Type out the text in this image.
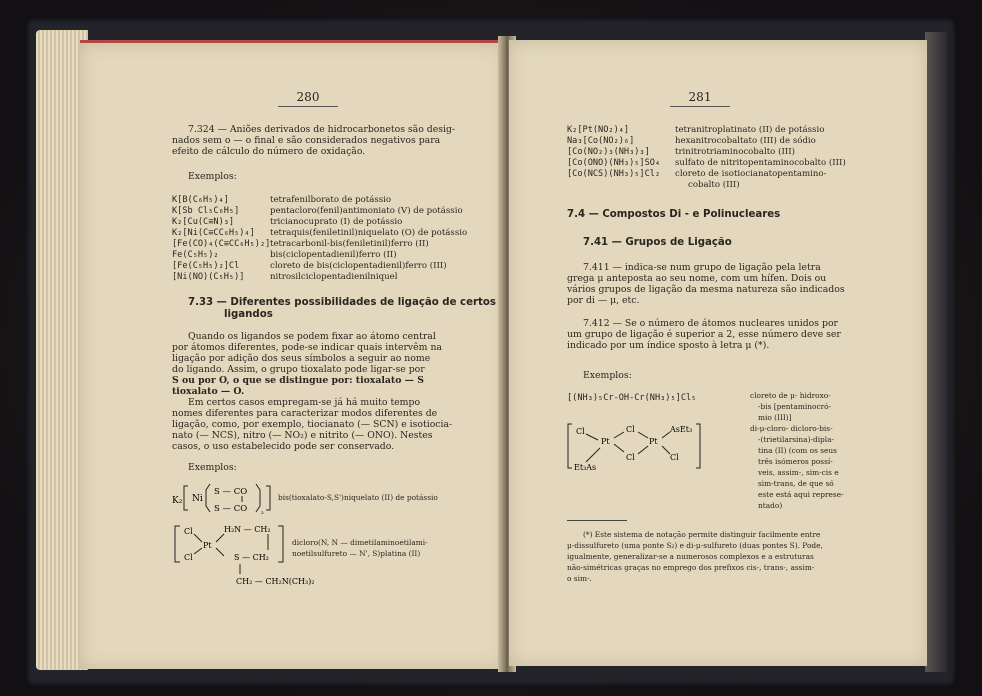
280
7.324 — Aniões derivados de hidrocarbonetos são desig-
nados sem o — o final e são considerados negativos para
efeito de cálculo do número de oxidação.
Exemplos:
K[B(C₆H₅)₄]	tetrafenilborato de potássio
K[Sb Cl₅C₆H₅]	pentacloro(fenil)antimoniato (V) de potássio
K₂[Cu(C≡N)₃]	tricianocuprato (I) de potássio
K₂[Ni(C≡CC₆H₅)₄] tetraquis(feniletinil)niquelato (O) de potássio
[Fe(CO)₄(C≡CC₆H₅)₂] tetracarbonil-bis(feniletinil)ferro (II)
Fe(C₅H₅)₂	bis(ciclopentadienil)ferro (II)
[Fe(C₅H₅)₂]Cl	cloreto de bis(ciclopentadienil)ferro (III)
[Ni(NO)(C₅H₅)]	nitrosilciclopentadienilniquel
7.33 — Diferentes possibilidades de ligação de certos
ligandos
Quando os ligandos se podem fixar ao átomo central
por átomos diferentes, pode-se indicar quais intervêm na
ligação por adição dos seus símbolos a seguir ao nome
do ligando. Assim, o grupo tioxalato pode ligar-se por
S ou por O, o que se distingue por: tioxalato — S
tioxalato — O.
Em certos casos empregam-se já há muito tempo
nomes diferentes para caracterizar modos diferentes de
ligação, como, por exemplo, tiocianato (— SCN) e isotiocia-
nato (— NCS), nitro (— NO₂) e nitrito (— ONO). Nestes
casos, o uso estabelecido pode ser conservado.
Exemplos:
K₂ Ni
S — CO
S — CO ₂
bis(tioxalato-S,S')niquelato (II) de potássio
Cl
Cl
Pt
H₂N — CH₂
S — CH₂
CH₂ — CH₂N(CH₃)₂
dicloro(N, N — dimetilaminoetilami-
noetilsulfureto — N', S)platina (II)
281
K₂[Pt(NO₂)₄]	tetranitroplatinato (II) de potássio
Na₃[Co(NO₂)₆]	hexanitrocobaltato (III) de sódio
[Co(NO₂)₃(NH₃)₃]	trinitrotriaminocobalto (III)
[Co(ONO)(NH₃)₅]SO₄ sulfato de nitritopentaminocobalto (III)
[Co(NCS)(NH₃)₅]Cl₂ cloreto de isotiocianatopentaminо-
cobalto (III)
7.4 — Compostos Di - e Polinucleares
7.41 — Grupos de Ligação
7.411 — indica-se num grupo de ligação pela letra
grega μ anteposta ao seu nome, com um hífen. Dois ou
vários grupos de ligação da mesma natureza são indicados
por di — μ, etc.
7.412 — Se o número de átomos nucleares unidos por
um grupo de ligação é superior a 2, esse número deve ser
indicado por um índice sposto à letra μ (*).
Exemplos:
[(NH₃)₅Cr-OH-Cr(NH₃)₅]Cl₅	cloreto de μ- hidroxo-
-bis [pentaminocró-
mio (III)]
Cl
Pt
Cl
Cl
Pt
AsEt₃
Cl
Et₃As
di-μ-cloro- dicloro-bis-
-(trietilarsina)-dipla-
tina (II) (com os seus
três isómeros possí-
veis, assim-, sim-cis e
sim-trans, de que só
este está aqui represe-
ntado)
(*) Este sistema de notação permite distinguir facilmente entre
μ-dissulfureto (uma ponte S₂) e di-μ-sulfureto (duas pontes S). Pode,
igualmente, generalizar-se a numerosos complexos e a estruturas
não-simétricas graças no emprego dos prefixos cis-, trans-, assim-
o sim-.
